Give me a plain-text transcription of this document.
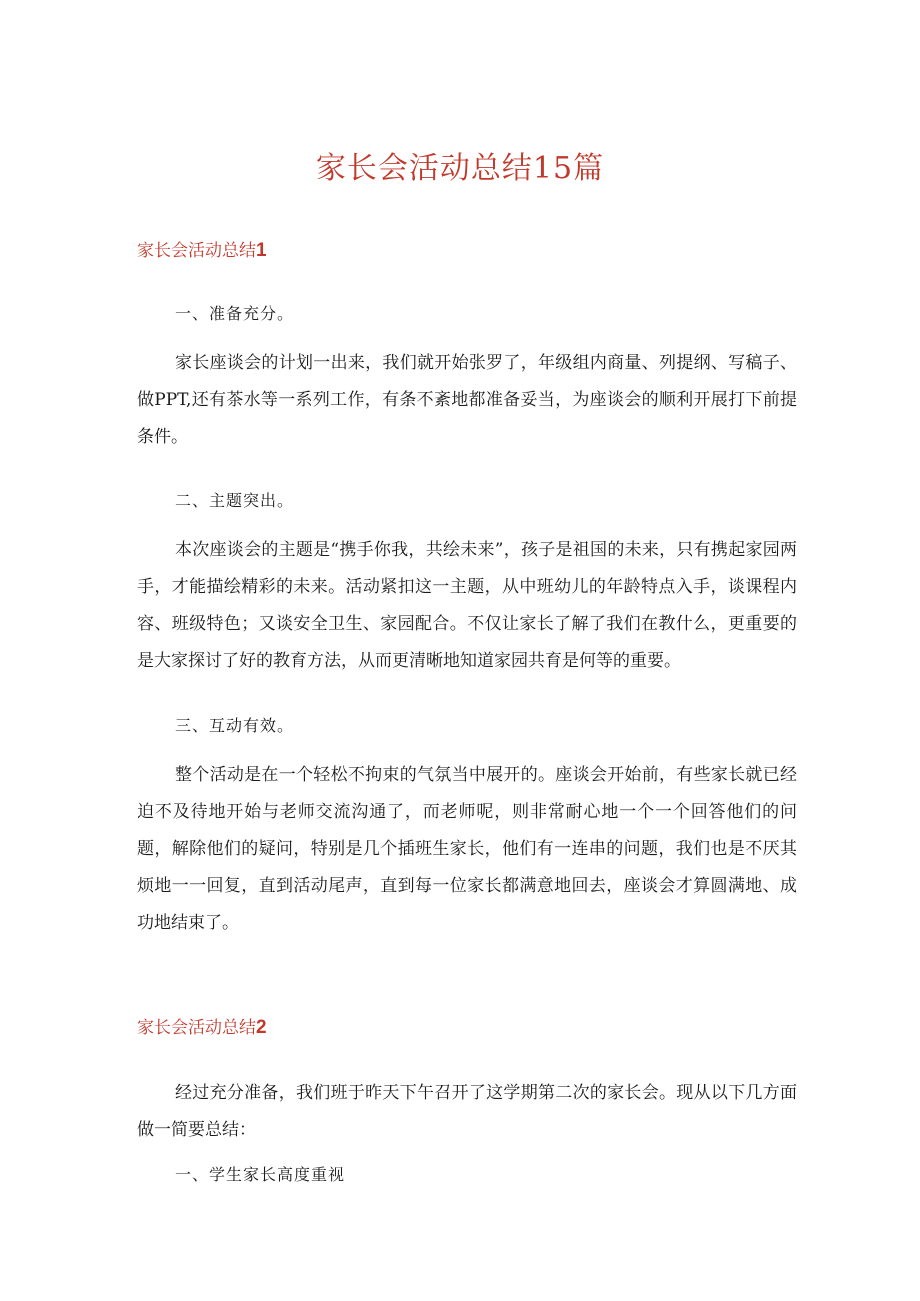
家长会活动总结15篇
家长会活动总结1

一、准备充分。

家长座谈会的计划一出来，我们就开始张罗了，年级组内商量、列提纲、写稿子、做PPT,还有茶水等一系列工作，有条不紊地都准备妥当，为座谈会的顺利开展打下前提条件。

二、主题突出。

本次座谈会的主题是“携手你我，共绘未来”，孩子是祖国的未来，只有携起家园两手，才能描绘精彩的未来。活动紧扣这一主题，从中班幼儿的年龄特点入手，谈课程内容、班级特色；又谈安全卫生、家园配合。不仅让家长了解了我们在教什么，更重要的是大家探讨了好的教育方法，从而更清晰地知道家园共育是何等的重要。

三、互动有效。

整个活动是在一个轻松不拘束的气氛当中展开的。座谈会开始前，有些家长就已经迫不及待地开始与老师交流沟通了，而老师呢，则非常耐心地一个一个回答他们的问题，解除他们的疑问，特别是几个插班生家长，他们有一连串的问题，我们也是不厌其烦地一一回复，直到活动尾声，直到每一位家长都满意地回去，座谈会才算圆满地、成功地结束了。

家长会活动总结2

经过充分准备，我们班于昨天下午召开了这学期第二次的家长会。现从以下几方面做一简要总结：

一、学生家长高度重视
